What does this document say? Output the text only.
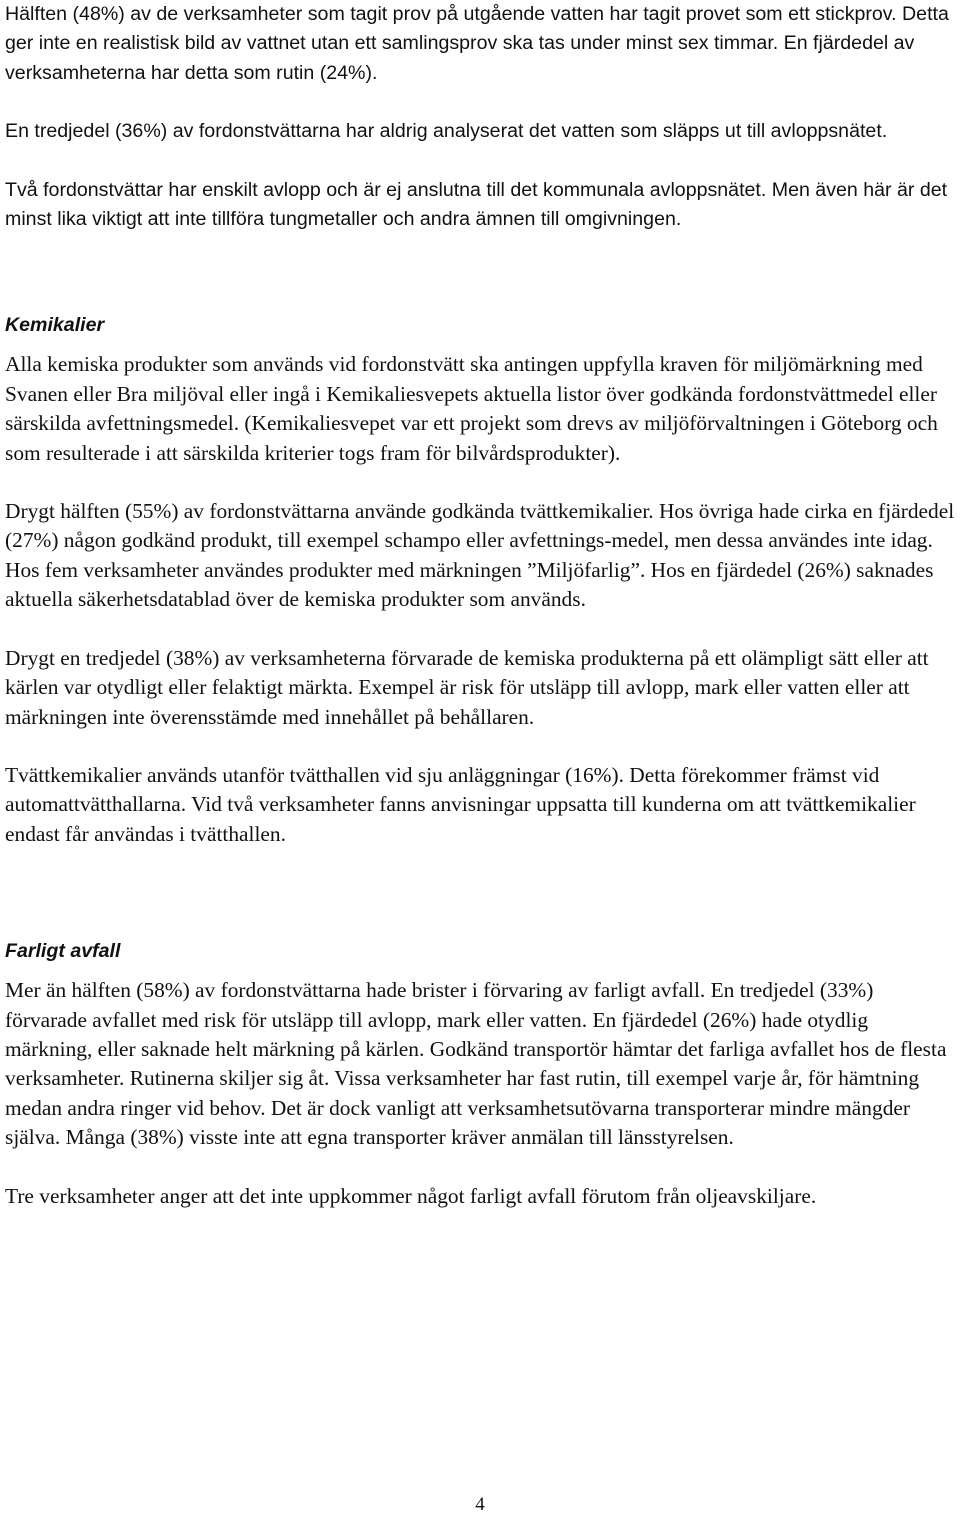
Hälften (48%) av de verksamheter som tagit prov på utgående vatten har tagit provet som ett stickprov. Detta ger inte en realistisk bild av vattnet utan ett samlingsprov ska tas under minst sex timmar. En fjärdedel av verksamheterna har detta som rutin (24%).

En tredjedel (36%) av fordonstvättarna har aldrig analyserat det vatten som släpps ut till avloppsnätet.

Två fordonstvättar har enskilt avlopp och är ej anslutna till det kommunala avloppsnätet. Men även här är det minst lika viktigt att inte tillföra tungmetaller och andra ämnen till omgivningen.

Kemikalier

Alla kemiska produkter som används vid fordonstvätt ska antingen uppfylla kraven för miljömärkning med Svanen eller Bra miljöval eller ingå i Kemikaliesvepets aktuella listor över godkända fordonstvättmedel eller särskilda avfettningsmedel. (Kemikaliesvepet var ett projekt som drevs av miljöförvaltningen i Göteborg och som resulterade i att särskilda kriterier togs fram för bilvårdsprodukter).

Drygt hälften (55%) av fordonstvättarna använde godkända tvättkemikalier. Hos övriga hade cirka en fjärdedel (27%) någon godkänd produkt, till exempel schampo eller avfettnings-medel, men dessa användes inte idag. Hos fem verksamheter användes produkter med märkningen ”Miljöfarlig”. Hos en fjärdedel (26%) saknades aktuella säkerhetsdatablad över de kemiska produkter som används.

Drygt en tredjedel (38%) av verksamheterna förvarade de kemiska produkterna på ett olämpligt sätt eller att kärlen var otydligt eller felaktigt märkta. Exempel är risk för utsläpp till avlopp, mark eller vatten eller att märkningen inte överensstämde med innehållet på behållaren.

Tvättkemikalier används utanför tvätthallen vid sju anläggningar (16%). Detta förekommer främst vid automattvätthallarna. Vid två verksamheter fanns anvisningar uppsatta till kunderna om att tvättkemikalier endast får användas i tvätthallen.

Farligt avfall

Mer än hälften (58%) av fordonstvättarna hade brister i förvaring av farligt avfall. En tredjedel (33%) förvarade avfallet med risk för utsläpp till avlopp, mark eller vatten. En fjärdedel (26%) hade otydlig märkning, eller saknade helt märkning på kärlen. Godkänd transportör hämtar det farliga avfallet hos de flesta verksamheter. Rutinerna skiljer sig åt. Vissa verksamheter har fast rutin, till exempel varje år, för hämtning medan andra ringer vid behov. Det är dock vanligt att verksamhetsutövarna transporterar mindre mängder själva. Många (38%) visste inte att egna transporter kräver anmälan till länsstyrelsen.

Tre verksamheter anger att det inte uppkommer något farligt avfall förutom från oljeavskiljare.

4
